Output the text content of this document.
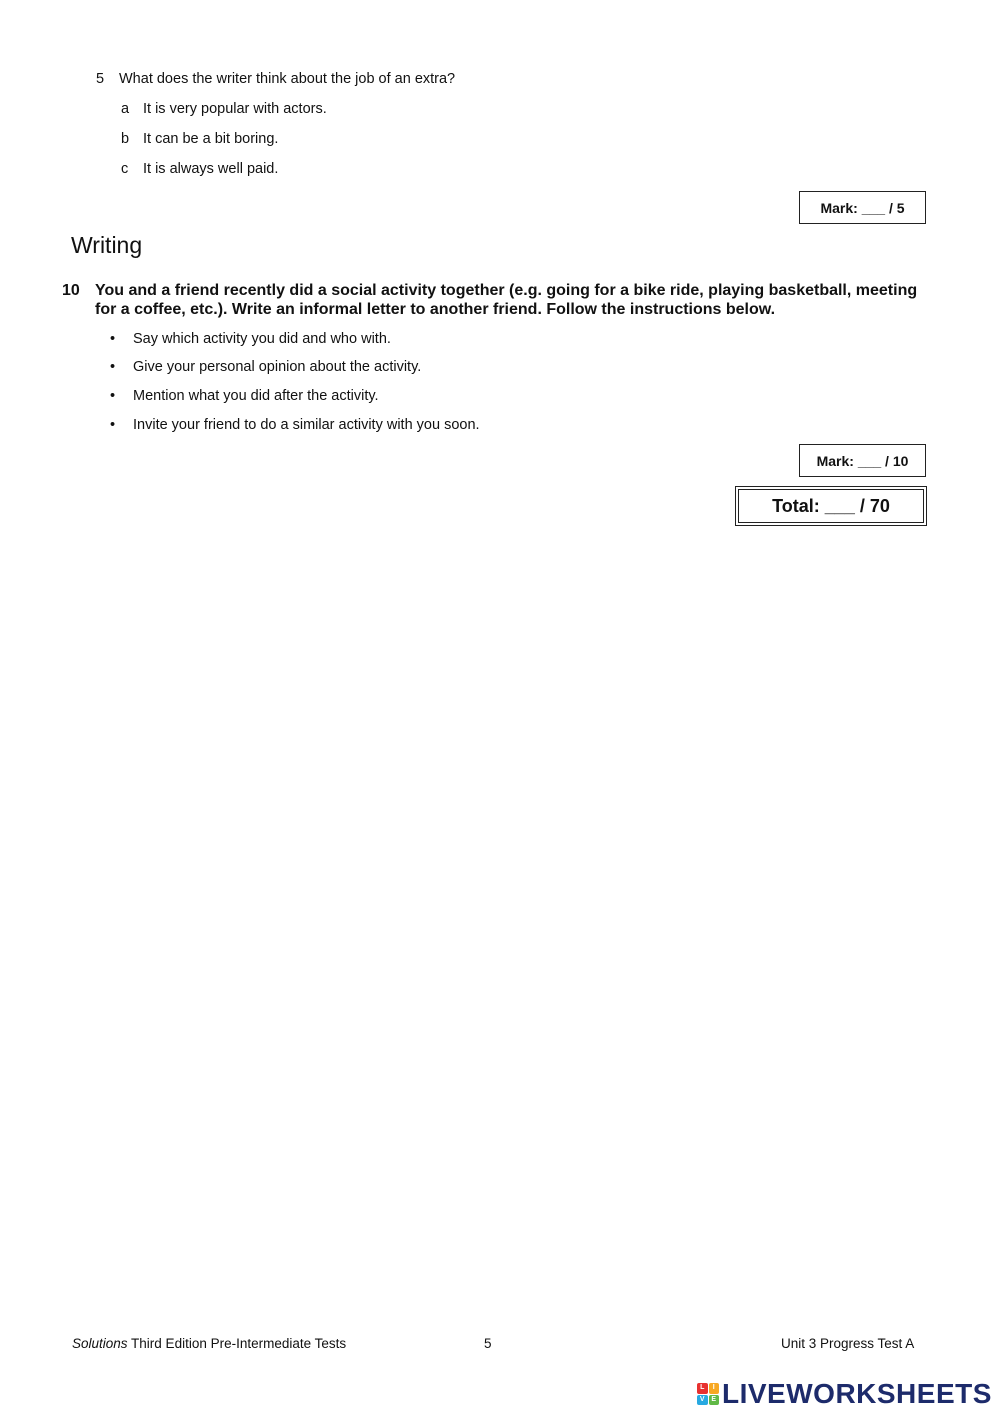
5 What does the writer think about the job of an extra?
a It is very popular with actors.
b It can be a bit boring.
c It is always well paid.
Mark: ___ / 5
Writing
10 You and a friend recently did a social activity together (e.g. going for a bike ride, playing basketball, meeting for a coffee, etc.). Write an informal letter to another friend. Follow the instructions below.
• Say which activity you did and who with.
• Give your personal opinion about the activity.
• Mention what you did after the activity.
• Invite your friend to do a similar activity with you soon.
Mark: ___ / 10
Total: ___ / 70
Solutions Third Edition Pre-Intermediate Tests	5	Unit 3 Progress Test A
L	I
V E LIVEWORKSHEETS
